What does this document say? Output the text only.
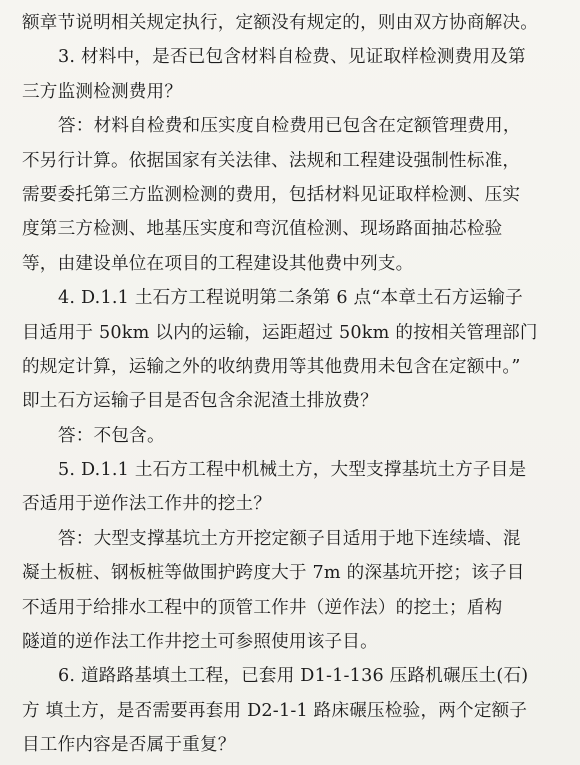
额章节说明相关规定执行，定额没有规定的，则由双方协商解决。
3. 材料中，是否已包含材料自检费、见证取样检测费用及第
三方监测检测费用？
答：材料自检费和压实度自检费用已包含在定额管理费用，
不另行计算。依据国家有关法律、法规和工程建设强制性标准，
需要委托第三方监测检测的费用，包括材料见证取样检测、压实
度第三方检测、地基压实度和弯沉值检测、现场路面抽芯检验
等，由建设单位在项目的工程建设其他费中列支。
4. D.1.1 土石方工程说明第二条第 6 点“本章土石方运输子
目适用于 50km 以内的运输，运距超过 50km 的按相关管理部门
的规定计算，运输之外的收纳费用等其他费用未包含在定额中。”
即土石方运输子目是否包含余泥渣土排放费？
答：不包含。
5. D.1.1 土石方工程中机械土方，大型支撑基坑土方子目是
否适用于逆作法工作井的挖土？
答：大型支撑基坑土方开挖定额子目适用于地下连续墙、混
凝土板桩、钢板桩等做围护跨度大于 7m 的深基坑开挖；该子目
不适用于给排水工程中的顶管工作井（逆作法）的挖土；盾构
隧道的逆作法工作井挖土可参照使用该子目。
6. 道路路基填土工程，已套用 D1-1-136 压路机碾压土(石)
方 填土方，是否需要再套用 D2-1-1 路床碾压检验，两个定额子
目工作内容是否属于重复？
